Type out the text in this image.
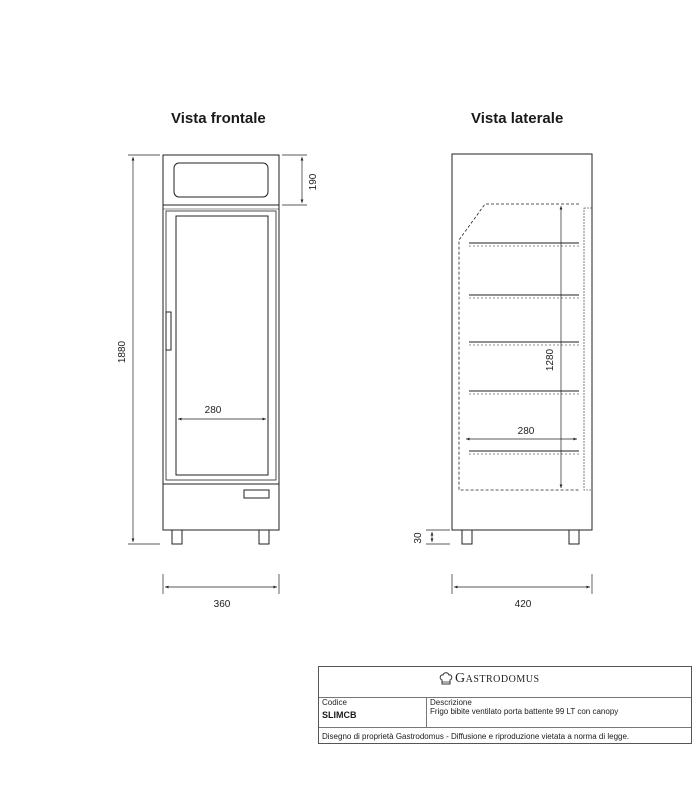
Vista frontale	Vista laterale
1880
190
280
360
1280
280
30
420
Gastrodomus
Codice
SLIMCB
Descrizione
Frigo bibite ventilato porta battente 99 LT con canopy
Disegno di proprietà Gastrodomus - Diffusione e riproduzione vietata a norma di legge.
